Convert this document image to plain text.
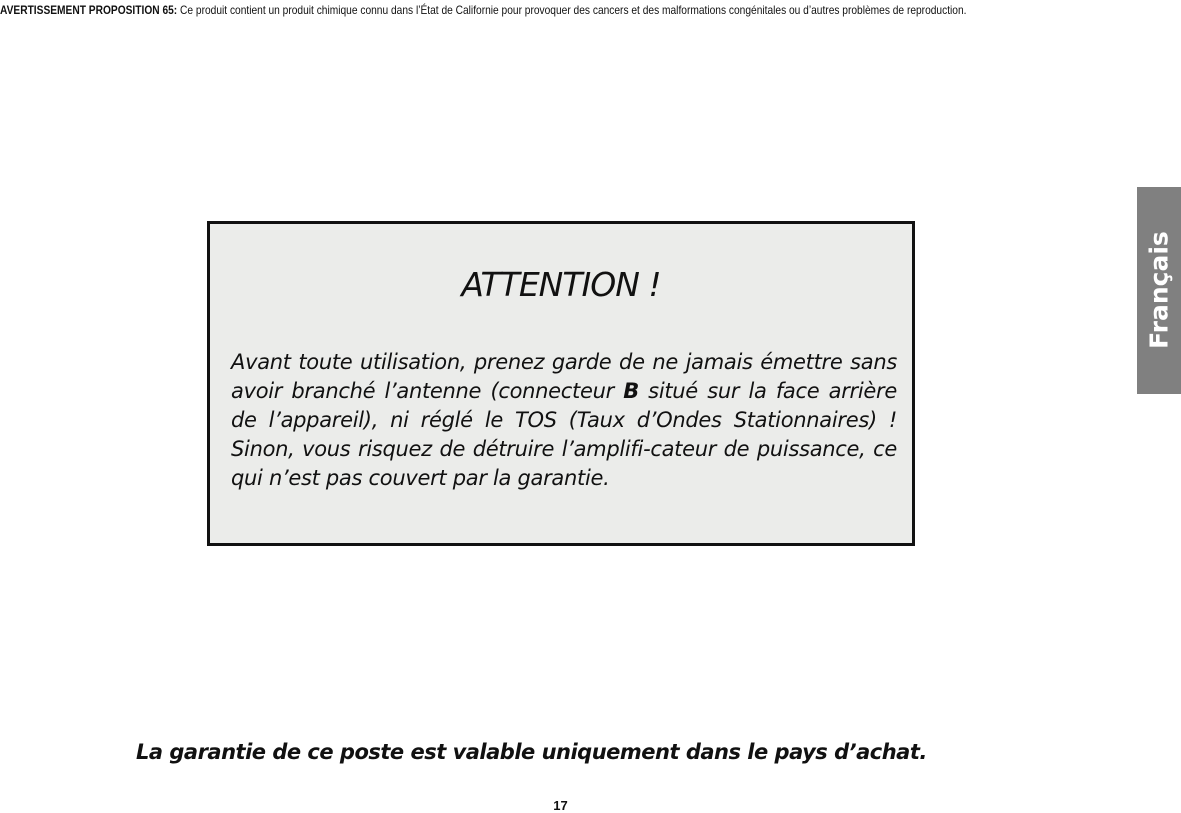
AVERTISSEMENT PROPOSITION 65: Ce produit contient un produit chimique connu dans l’État de Californie pour provoquer des cancers et des malformations congénitales ou d’autres problèmes de reproduction.
Français
ATTENTION !

Avant toute utilisation, prenez garde de ne jamais émettre sans avoir branché l’antenne (connecteur B situé sur la face arrière de l’appareil), ni réglé le TOS (Taux d’Ondes Stationnaires) ! Sinon, vous risquez de détruire l’amplifi-cateur de puissance, ce qui n’est pas couvert par la garantie.

La garantie de ce poste est valable uniquement dans le pays d’achat.
17
